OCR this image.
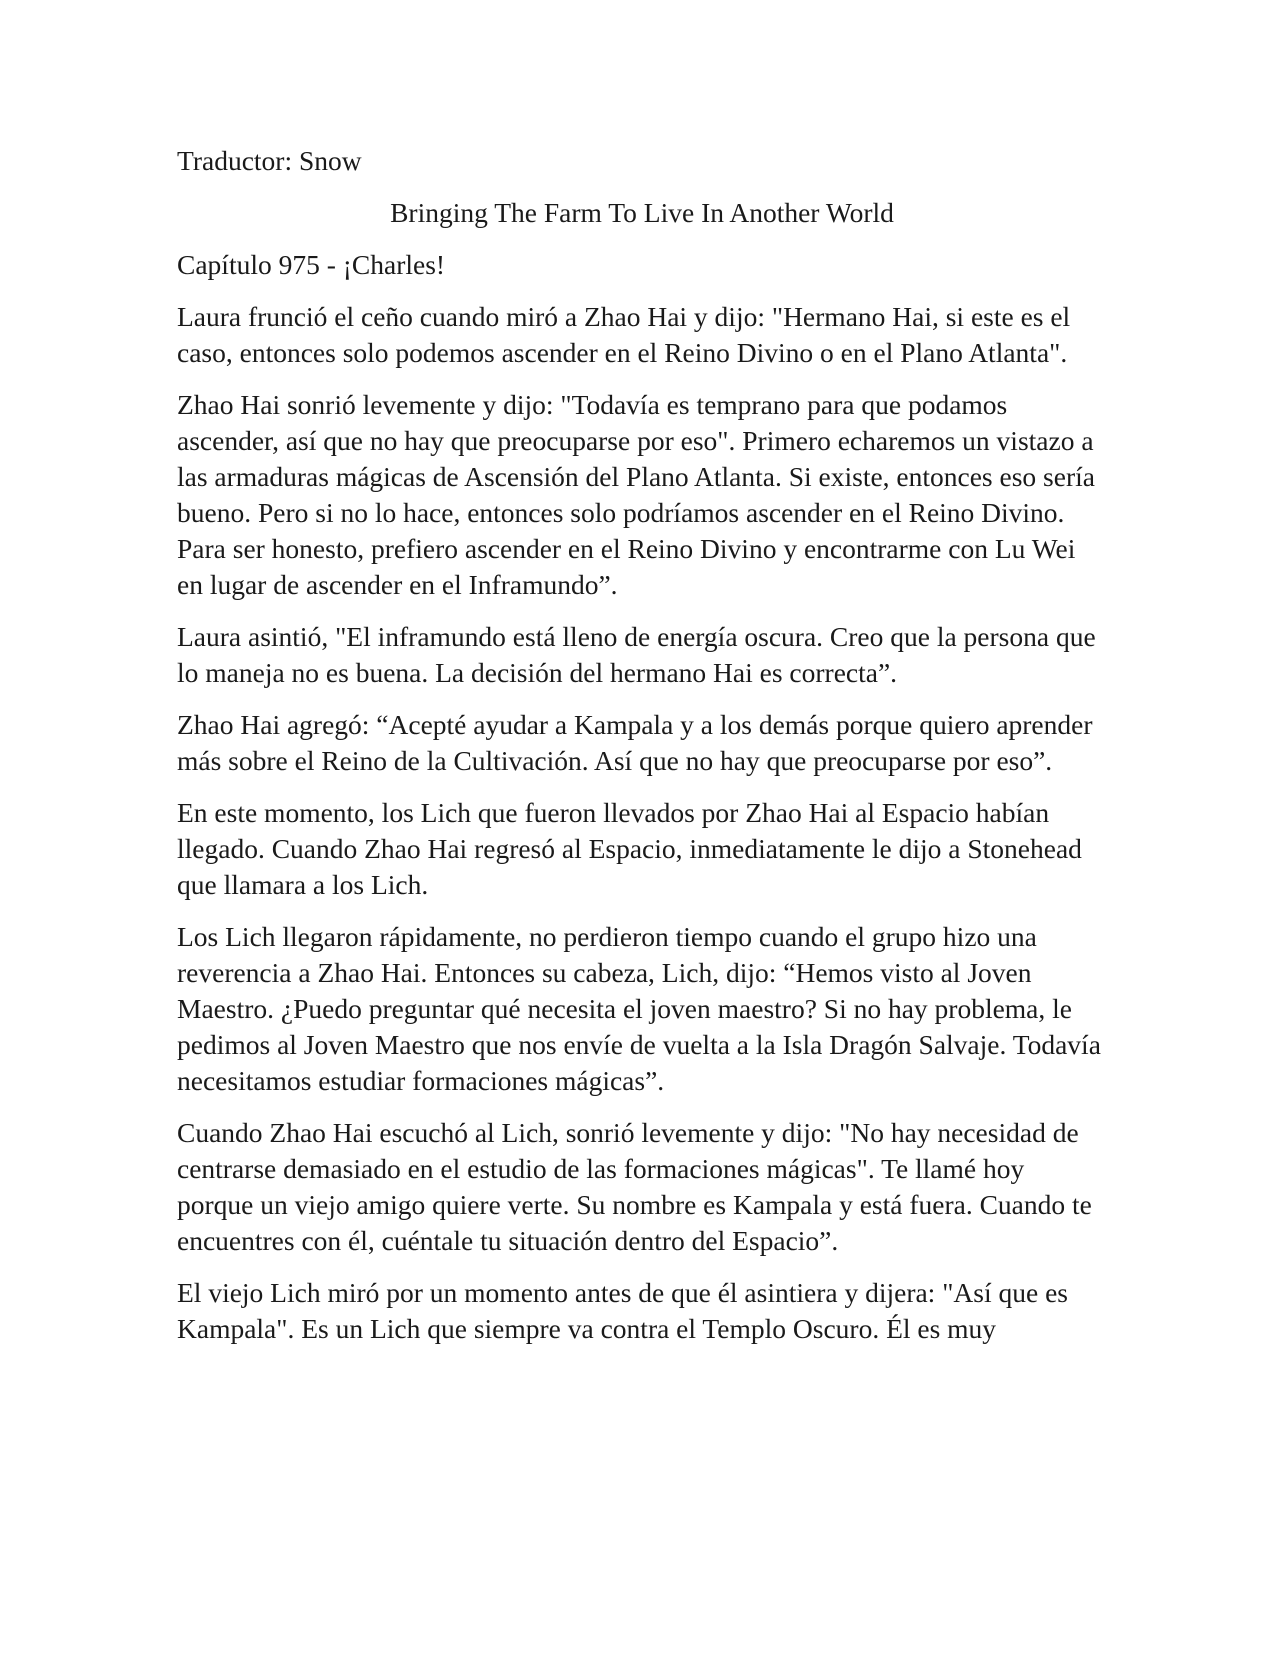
Traductor: Snow
Bringing The Farm To Live In Another World
Capítulo 975 - ¡Charles!

Laura frunció el ceño cuando miró a Zhao Hai y dijo: "Hermano Hai, si este es el caso, entonces solo podemos ascender en el Reino Divino o en el Plano Atlanta".

Zhao Hai sonrió levemente y dijo: "Todavía es temprano para que podamos ascender, así que no hay que preocuparse por eso". Primero echaremos un vistazo a las armaduras mágicas de Ascensión del Plano Atlanta. Si existe, entonces eso sería bueno. Pero si no lo hace, entonces solo podríamos ascender en el Reino Divino. Para ser honesto, prefiero ascender en el Reino Divino y encontrarme con Lu Wei en lugar de ascender en el Inframundo”.

Laura asintió, "El inframundo está lleno de energía oscura. Creo que la persona que lo maneja no es buena. La decisión del hermano Hai es correcta”.

Zhao Hai agregó: “Acepté ayudar a Kampala y a los demás porque quiero aprender más sobre el Reino de la Cultivación. Así que no hay que preocuparse por eso”.

En este momento, los Lich que fueron llevados por Zhao Hai al Espacio habían llegado. Cuando Zhao Hai regresó al Espacio, inmediatamente le dijo a Stonehead que llamara a los Lich.

Los Lich llegaron rápidamente, no perdieron tiempo cuando el grupo hizo una reverencia a Zhao Hai. Entonces su cabeza, Lich, dijo: “Hemos visto al Joven Maestro. ¿Puedo preguntar qué necesita el joven maestro? Si no hay problema, le pedimos al Joven Maestro que nos envíe de vuelta a la Isla Dragón Salvaje. Todavía necesitamos estudiar formaciones mágicas”.

Cuando Zhao Hai escuchó al Lich, sonrió levemente y dijo: "No hay necesidad de centrarse demasiado en el estudio de las formaciones mágicas". Te llamé hoy porque un viejo amigo quiere verte. Su nombre es Kampala y está fuera. Cuando te encuentres con él, cuéntale tu situación dentro del Espacio”.

El viejo Lich miró por un momento antes de que él asintiera y dijera: "Así que es Kampala". Es un Lich que siempre va contra el Templo Oscuro. Él es muy
